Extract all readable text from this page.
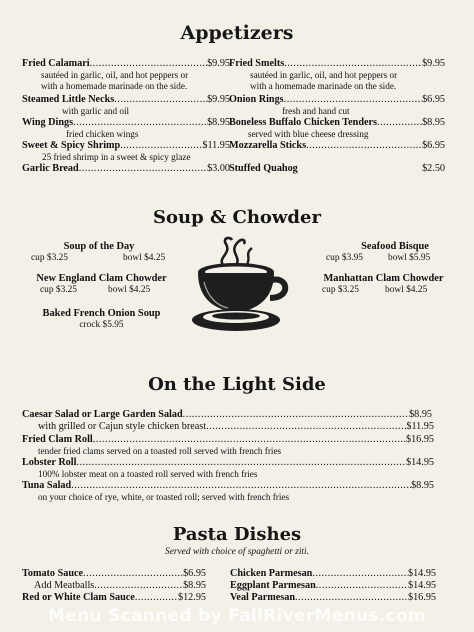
Appetizers
Fried Calamari .....	$9.95
sautéed in garlic, oil, and hot peppers or
with a homemade marinade on the side.
Steamed Little Necks .....	$9.95
with garlic and oil
Wing Dings .....	$8.95
fried chicken wings
Sweet & Spicy Shrimp .....	$11.95
25 fried shrimp in a sweet & spicy glaze
Garlic Bread .....	$3.00
Fried Smelts .....	$9.95
sautéed in garlic, oil, and hot peppers or
with a homemade marinade on the side.
Onion Rings .....	$6.95
fresh and hand cut
Boneless Buffalo Chicken Tenders .....	$8.95
served with blue cheese dressing
Mozzarella Sticks .....	$6.95
Stuffed Quahog	$2.50
Soup & Chowder
Soup of the Day
cup $3.25	bowl $4.25
New England Clam Chowder
cup $3.25	bowl $4.25
Baked French Onion Soup
crock $5.95
Seafood Bisque
cup $3.95	bowl $5.95
Manhattan Clam Chowder
cup $3.25	bowl $4.25
On the Light Side
Caesar Salad or Large Garden Salad .....	$8.95
with grilled or Cajun style chicken breast .....	$11.95
Fried Clam Roll .....	$16.95
tender fried clams served on a toasted roll served with french fries
Lobster Roll .....	$14.95
100% lobster meat on a toasted roll served with french fries
Tuna Salad .....	$8.95
on your choice of rye, white, or toasted roll; served with french fries
Pasta Dishes
Served with choice of spaghetti or ziti.
Tomato Sauce .....	$6.95
Add Meatballs .....	$8.95
Red or White Clam Sauce .....	$12.95
Chicken Parmesan .....	$14.95
Eggplant Parmesan .....	$14.95
Veal Parmesan .....	$16.95
Menu Scanned by FallRiverMenus.com
